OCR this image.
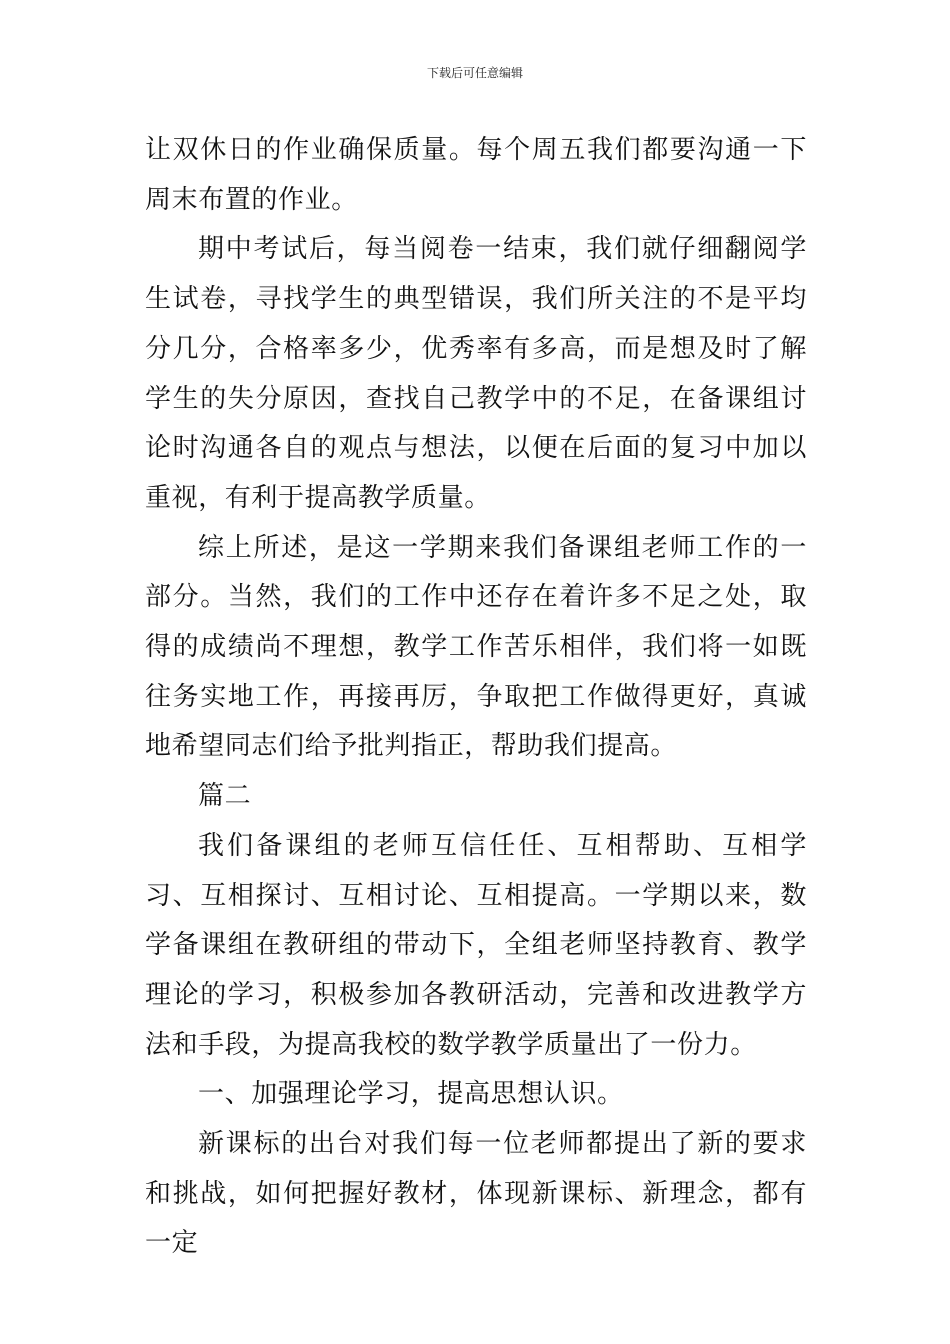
下载后可任意编辑

让双休日的作业确保质量。每个周五我们都要沟通一下周末布置的作业。

期中考试后，每当阅卷一结束，我们就仔细翻阅学生试卷，寻找学生的典型错误，我们所关注的不是平均分几分，合格率多少，优秀率有多高，而是想及时了解学生的失分原因，查找自己教学中的不足，在备课组讨论时沟通各自的观点与想法，以便在后面的复习中加以重视，有利于提高教学质量。

综上所述，是这一学期来我们备课组老师工作的一部分。当然，我们的工作中还存在着许多不足之处，取得的成绩尚不理想，教学工作苦乐相伴，我们将一如既往务实地工作，再接再厉，争取把工作做得更好，真诚地希望同志们给予批判指正，帮助我们提高。

篇二

我们备课组的老师互信任任、互相帮助、互相学习、互相探讨、互相讨论、互相提高。一学期以来，数学备课组在教研组的带动下，全组老师坚持教育、教学理论的学习，积极参加各教研活动，完善和改进教学方法和手段，为提高我校的数学教学质量出了一份力。

一、加强理论学习，提高思想认识。

新课标的出台对我们每一位老师都提出了新的要求和挑战，如何把握好教材，体现新课标、新理念，都有一定
